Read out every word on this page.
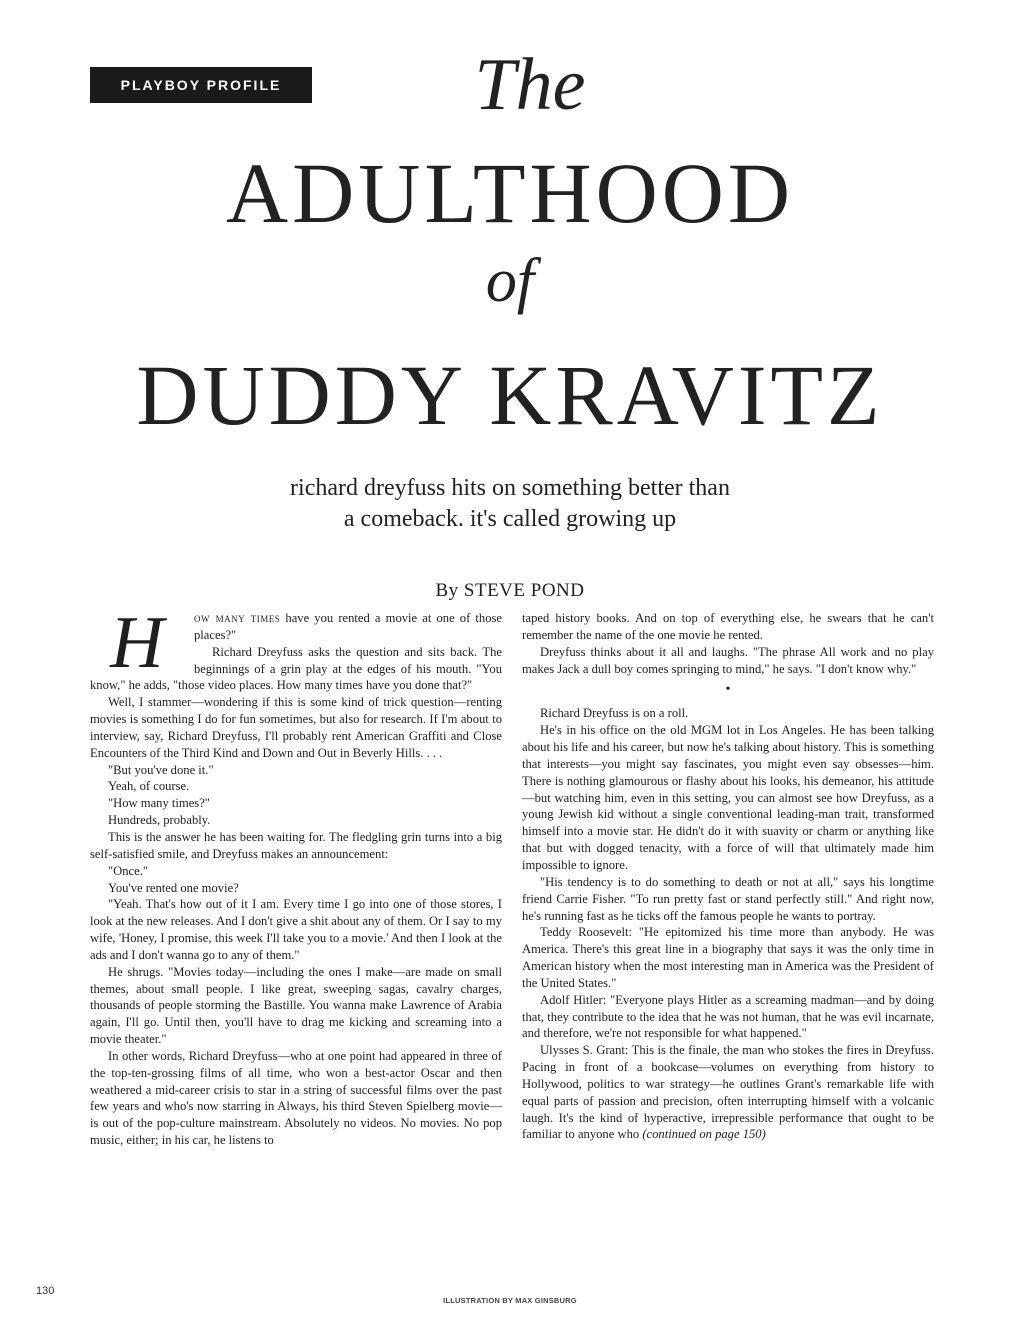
PLAYBOY PROFILE	The
ADULTHOOD
of
DUDDY KRAVITZ
richard dreyfuss hits on something better than
a comeback. it's called growing up
By STEVE POND

H	ow many times have you rented a movie at one of those places?"

Richard Dreyfuss asks the question and sits back. The beginnings of a grin play at the edges of his mouth. "You know," he adds, "those video places. How many times have you done that?"

Well, I stammer—wondering if this is some kind of trick question—renting movies is something I do for fun sometimes, but also for research. If I'm about to interview, say, Richard Dreyfuss, I'll probably rent American Graffiti and Close Encounters of the Third Kind and Down and Out in Beverly Hills. . . .

"But you've done it."

Yeah, of course.

"How many times?"

Hundreds, probably.

This is the answer he has been waiting for. The fledgling grin turns into a big self-satisfied smile, and Dreyfuss makes an announcement:

"Once."

You've rented one movie?

"Yeah. That's how out of it I am. Every time I go into one of those stores, I look at the new releases. And I don't give a shit about any of them. Or I say to my wife, 'Honey, I promise, this week I'll take you to a movie.' And then I look at the ads and I don't wanna go to any of them."

He shrugs. "Movies today—including the ones I make—are made on small themes, about small people. I like great, sweeping sagas, cavalry charges, thousands of people storming the Bastille. You wanna make Lawrence of Arabia again, I'll go. Until then, you'll have to drag me kicking and screaming into a movie theater."

In other words, Richard Dreyfuss—who at one point had appeared in three of the top-ten-grossing films of all time, who won a best-actor Oscar and then weathered a mid-career crisis to star in a string of successful films over the past few years and who's now starring in Always, his third Steven Spielberg movie—is out of the pop-culture mainstream. Absolutely no videos. No movies. No pop music, either; in his car, he listens to

taped history books. And on top of everything else, he swears that he can't remember the name of the one movie he rented.

Dreyfuss thinks about it all and laughs. "The phrase All work and no play makes Jack a dull boy comes springing to mind," he says. "I don't know why."

•

Richard Dreyfuss is on a roll.

He's in his office on the old MGM lot in Los Angeles. He has been talking about his life and his career, but now he's talking about history. This is something that interests—you might say fascinates, you might even say obsesses—him. There is nothing glamourous or flashy about his looks, his demeanor, his attitude—but watching him, even in this setting, you can almost see how Dreyfuss, as a young Jewish kid without a single conventional leading-man trait, transformed himself into a movie star. He didn't do it with suavity or charm or anything like that but with dogged tenacity, with a force of will that ultimately made him impossible to ignore.

"His tendency is to do something to death or not at all," says his longtime friend Carrie Fisher. "To run pretty fast or stand perfectly still." And right now, he's running fast as he ticks off the famous people he wants to portray.

Teddy Roosevelt: "He epitomized his time more than anybody. He was America. There's this great line in a biography that says it was the only time in American history when the most interesting man in America was the President of the United States."

Adolf Hitler: "Everyone plays Hitler as a screaming madman—and by doing that, they contribute to the idea that he was not human, that he was evil incarnate, and therefore, we're not responsible for what happened."

Ulysses S. Grant: This is the finale, the man who stokes the fires in Dreyfuss. Pacing in front of a bookcase—volumes on everything from history to Hollywood, politics to war strategy—he outlines Grant's remarkable life with equal parts of passion and precision, often interrupting himself with a volcanic laugh. It's the kind of hyperactive, irrepressible performance that ought to be familiar to anyone who (continued on page 150)

130
ILLUSTRATION BY MAX GINSBURG
